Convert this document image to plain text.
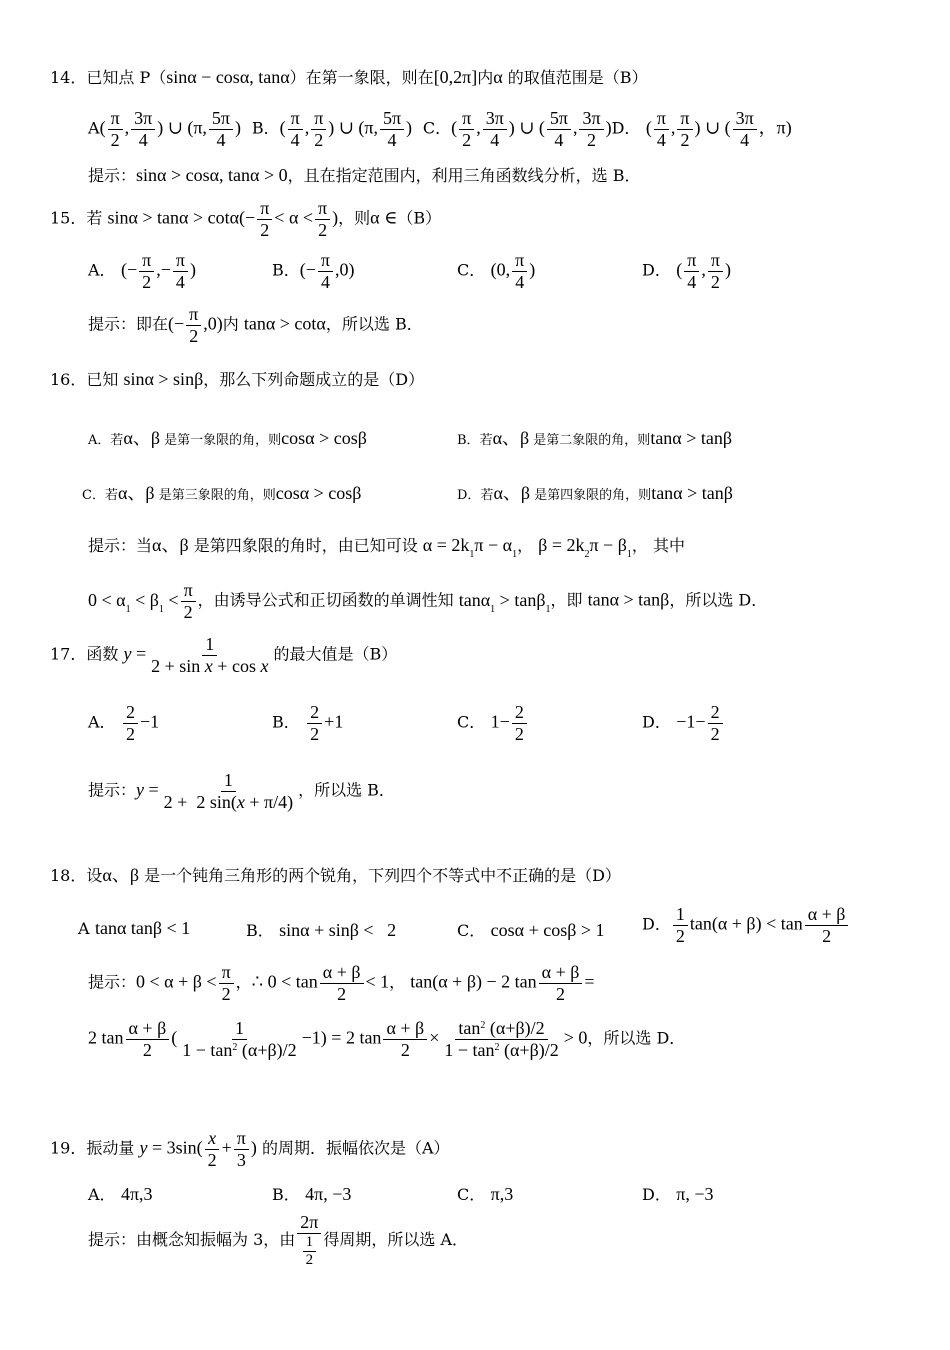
14．已知点 P（sinα − cosα, tanα）在第一象限，则在[0,2π]内α 的取值范围是（B）
$A( \frac{\pi}{2}$ , $\frac{3\pi}{4}$ ) ∪ (π, $\frac{5\pi}{4}$ ) B．( $\frac{\pi}{4}$ , $\frac{\pi}{2}$ ) ∪ (π, $\frac{5\pi}{4}$ ) C．( $\frac{\pi}{2}$ , $\frac{3\pi}{4}$ ) ∪ ( $\frac{5\pi}{4}$ , $\frac{3\pi}{2} )D$． ( $\frac{\pi}{4}$ , $\frac{\pi}{2}$ ) ∪ ( $\frac{3\pi}{4}$ ，π)
提示：sinα > cosα, tanα > 0，且在指定范围内，利用三角函数线分析，选 B．
15．若 $\sin\alpha > \tan\alpha > \cot\alpha(- \frac{\pi}{2} < \alpha < \frac{\pi}{2}$ )，则α ∈（B）
A． (− $\frac{\pi}{2}$ ,− $\frac{\pi}{4}$ )	B．(− $\frac{\pi}{4} ,0$)	C． (0, $\frac{\pi}{4}$ )	D． ( $\frac{\pi}{4}$ , $\frac{\pi}{2}$ )
提示：即在(− $\frac{\pi}{2} ,0$)内 tanα > cotα，所以选 B．
16．已知 sinα > sinβ，那么下列命题成立的是（D）
A．若α、β 是第一象限的角，则cosα > cosβ	B．若α、β 是第二象限的角，则tanα > tanβ
C．若α、β 是第三象限的角，则cosα > cosβ	D．若α、β 是第四象限的角，则tanα > tanβ
提示：当α、β 是第四象限的角时，由已知可设 $\alpha = 2k_1\pi - \alpha_1$， $\beta = 2k_2\pi - \beta_1$， 其中
$0 < \alpha_1 < \beta_1 < \frac{\pi}{2}$ ，由诱导公式和正切函数的单调性知 tanα$_1$ > tanβ$_1$，即 tanα > tanβ，所以选 D．
17．函数 $y = \frac{1}{\text{2 + sin x + cos x}}$ 的最大值是（B）
A． $\frac{2}{2} -1$	B． $\frac{2}{2} +1$	C． $1- \frac{2}{2}$	D． $-1- \frac{2}{2}$
提示：$y = \frac{1}{2 + 2 \sin(x + \pi/4)}$ ，所以选 B．
18．设α、β 是一个钝角三角形的两个锐角，下列四个不等式中不正确的是（D）
A tanα tanβ < 1	B． sinα + sinβ <   2	C． cosα + cosβ > 1 D． $\frac{1}{2} \tan(\alpha + \beta) < \tan \frac{\alpha + \beta}{2}$
提示：$0 < \alpha + \beta < \frac{\pi}{2}$ ，∴ $0 < \tan \frac{\alpha + \beta}{2} < 1$， tan(α + β) − 2 $\tan \frac{\alpha + \beta}{2}$ =
2 $\tan \frac{\alpha + \beta}{2}$ ( $\frac{1}{1 - \tan^2 (\alpha+\beta)/2} -1) = 2$ $\tan \frac{\alpha + \beta}{2} \times \frac{\tan^2 (\alpha+\beta)/2}{1 - \tan^2 (\alpha+\beta)/2} > 0$，所以选 D．
19．振动量 $y = 3\sin( \frac{x}{2} + \frac{\pi}{3}$ ) 的周期．振幅依次是（A）
A． 4π,3	B． 4π, −3	C． π,3	D． π, −3
提示：由概念知振幅为 3，由 $\frac{2\pi}{\frac{1}{2}}$ 得周期，所以选 A．
